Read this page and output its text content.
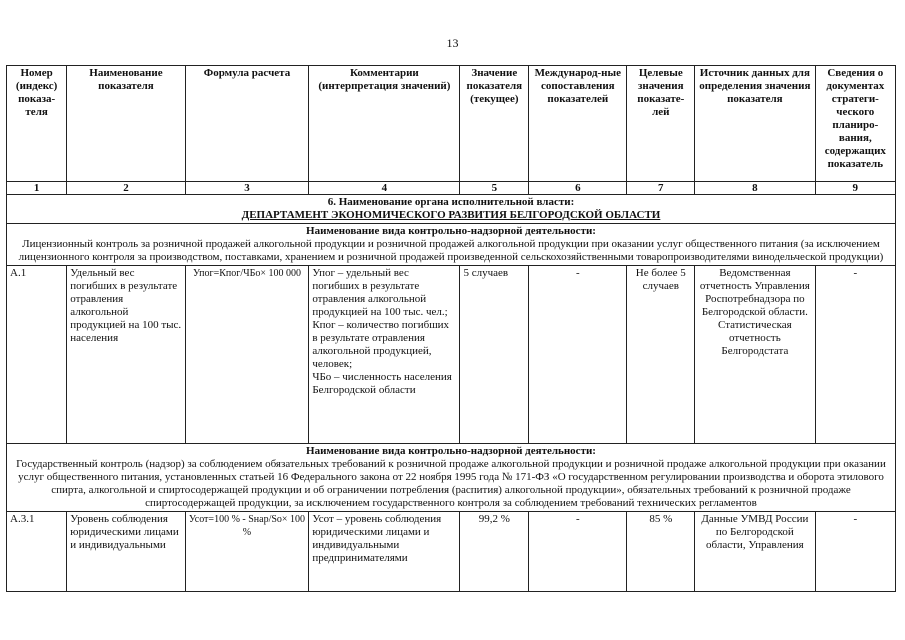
13
Номер (индекс) показа-теля	Наименование показателя	Формула расчета	Комментарии (интерпретация значений)	Значение показателя (текущее)	Международ-ные сопоставления показателей	Целевые значения показате-лей	Источник данных для определения значения показателя	Сведения о документах стратеги-ческого планиро-вания, содержащих показатель
1	2	3	4	5	6	7	8	9

6. Наименование органа исполнительной власти:
ДЕПАРТАМЕНТ ЭКОНОМИЧЕСКОГО РАЗВИТИЯ БЕЛГОРОДСКОЙ ОБЛАСТИ								

Наименование вида контрольно-надзорной деятельности:
Лицензионный контроль за розничной продажей алкогольной продукции и розничной продажей алкогольной продукции при оказании услуг общественного питания (за исключением лицензионного контроля за производством, поставками, хранением и розничной продажей произведенной сельскохозяйственными товаропроизводителями винодельческой продукции)								

А.1	Удельный вес погибших в результате отравления алкогольной продукцией на 100 тыс. населения	Упог=Кпог/ЧБо× 100 000	Упог – удельный вес погибших в результате отравления алкогольной продукцией на 100 тыс. чел.;
Кпог – количество погибших в результате отравления алкогольной продукцией, человек;
ЧБо – численность населения Белгородской области	5 случаев	-	Не более 5 случаев	Ведомственная отчетность Управления Роспотребнадзора по Белгородской области. Статистическая отчетность Белгородстата	-

Наименование вида контрольно-надзорной деятельности:
Государственный контроль (надзор) за соблюдением обязательных требований к розничной продаже алкогольной продукции и розничной продаже алкогольной продукции при оказании услуг общественного питания, установленных статьей 16 Федерального закона от 22 ноября 1995 года № 171-ФЗ «О государственном регулировании производства и оборота этилового спирта, алкогольной и спиртосодержащей продукции и об ограничении потребления (распития) алкогольной продукции», обязательных требований к розничной продаже спиртосодержащей продукции, за исключением государственного контроля за соблюдением требований технических регламентов								

А.3.1	Уровень соблюдения юридическими лицами и индивидуальными	Усот=100 % - Sнар/Sо× 100 %	Усот – уровень соблюдения юридическими лицами и индивидуальными предпринимателями	99,2 %	-	85 %	Данные УМВД России по Белгородской области, Управления	-
